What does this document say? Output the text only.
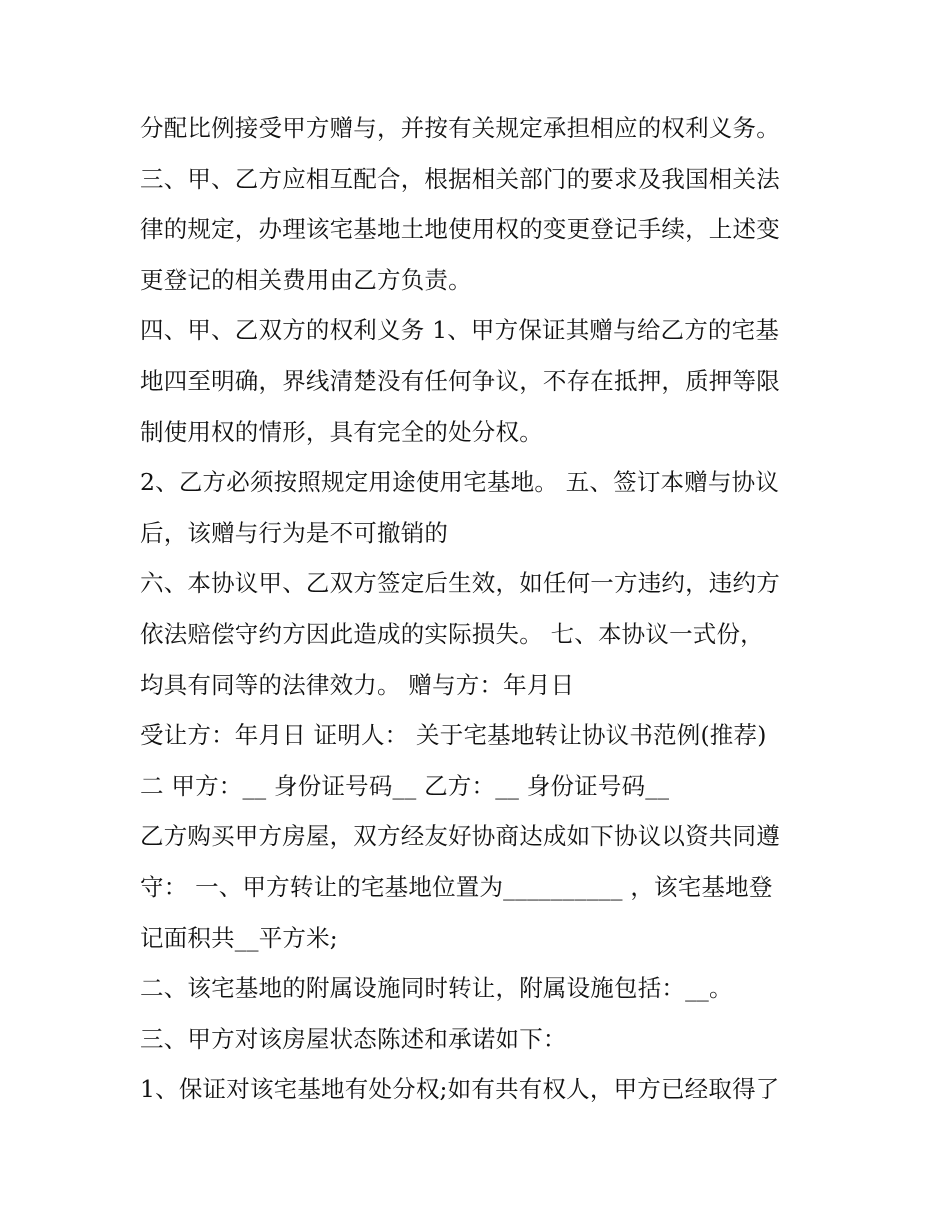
分配比例接受甲方赠与，并按有关规定承担相应的权利义务。
三、甲、乙方应相互配合，根据相关部门的要求及我国相关法
律的规定，办理该宅基地土地使用权的变更登记手续，上述变
更登记的相关费用由乙方负责。
四、甲、乙双方的权利义务 1、甲方保证其赠与给乙方的宅基
地四至明确，界线清楚没有任何争议，不存在抵押，质押等限
制使用权的情形，具有完全的处分权。
2、乙方必须按照规定用途使用宅基地。 五、签订本赠与协议
后，该赠与行为是不可撤销的
六、本协议甲、乙双方签定后生效，如任何一方违约，违约方
依法赔偿守约方因此造成的实际损失。 七、本协议一式份，
均具有同等的法律效力。 赠与方：年月日
受让方：年月日 证明人： 关于宅基地转让协议书范例(推荐)
二 甲方：__ 身份证号码__ 乙方：__ 身份证号码__
乙方购买甲方房屋，双方经友好协商达成如下协议以资共同遵
守： 一、甲方转让的宅基地位置为__________ ，该宅基地登
记面积共__平方米;
二、该宅基地的附属设施同时转让，附属设施包括：__。
三、甲方对该房屋状态陈述和承诺如下：
1、保证对该宅基地有处分权;如有共有权人，甲方已经取得了
